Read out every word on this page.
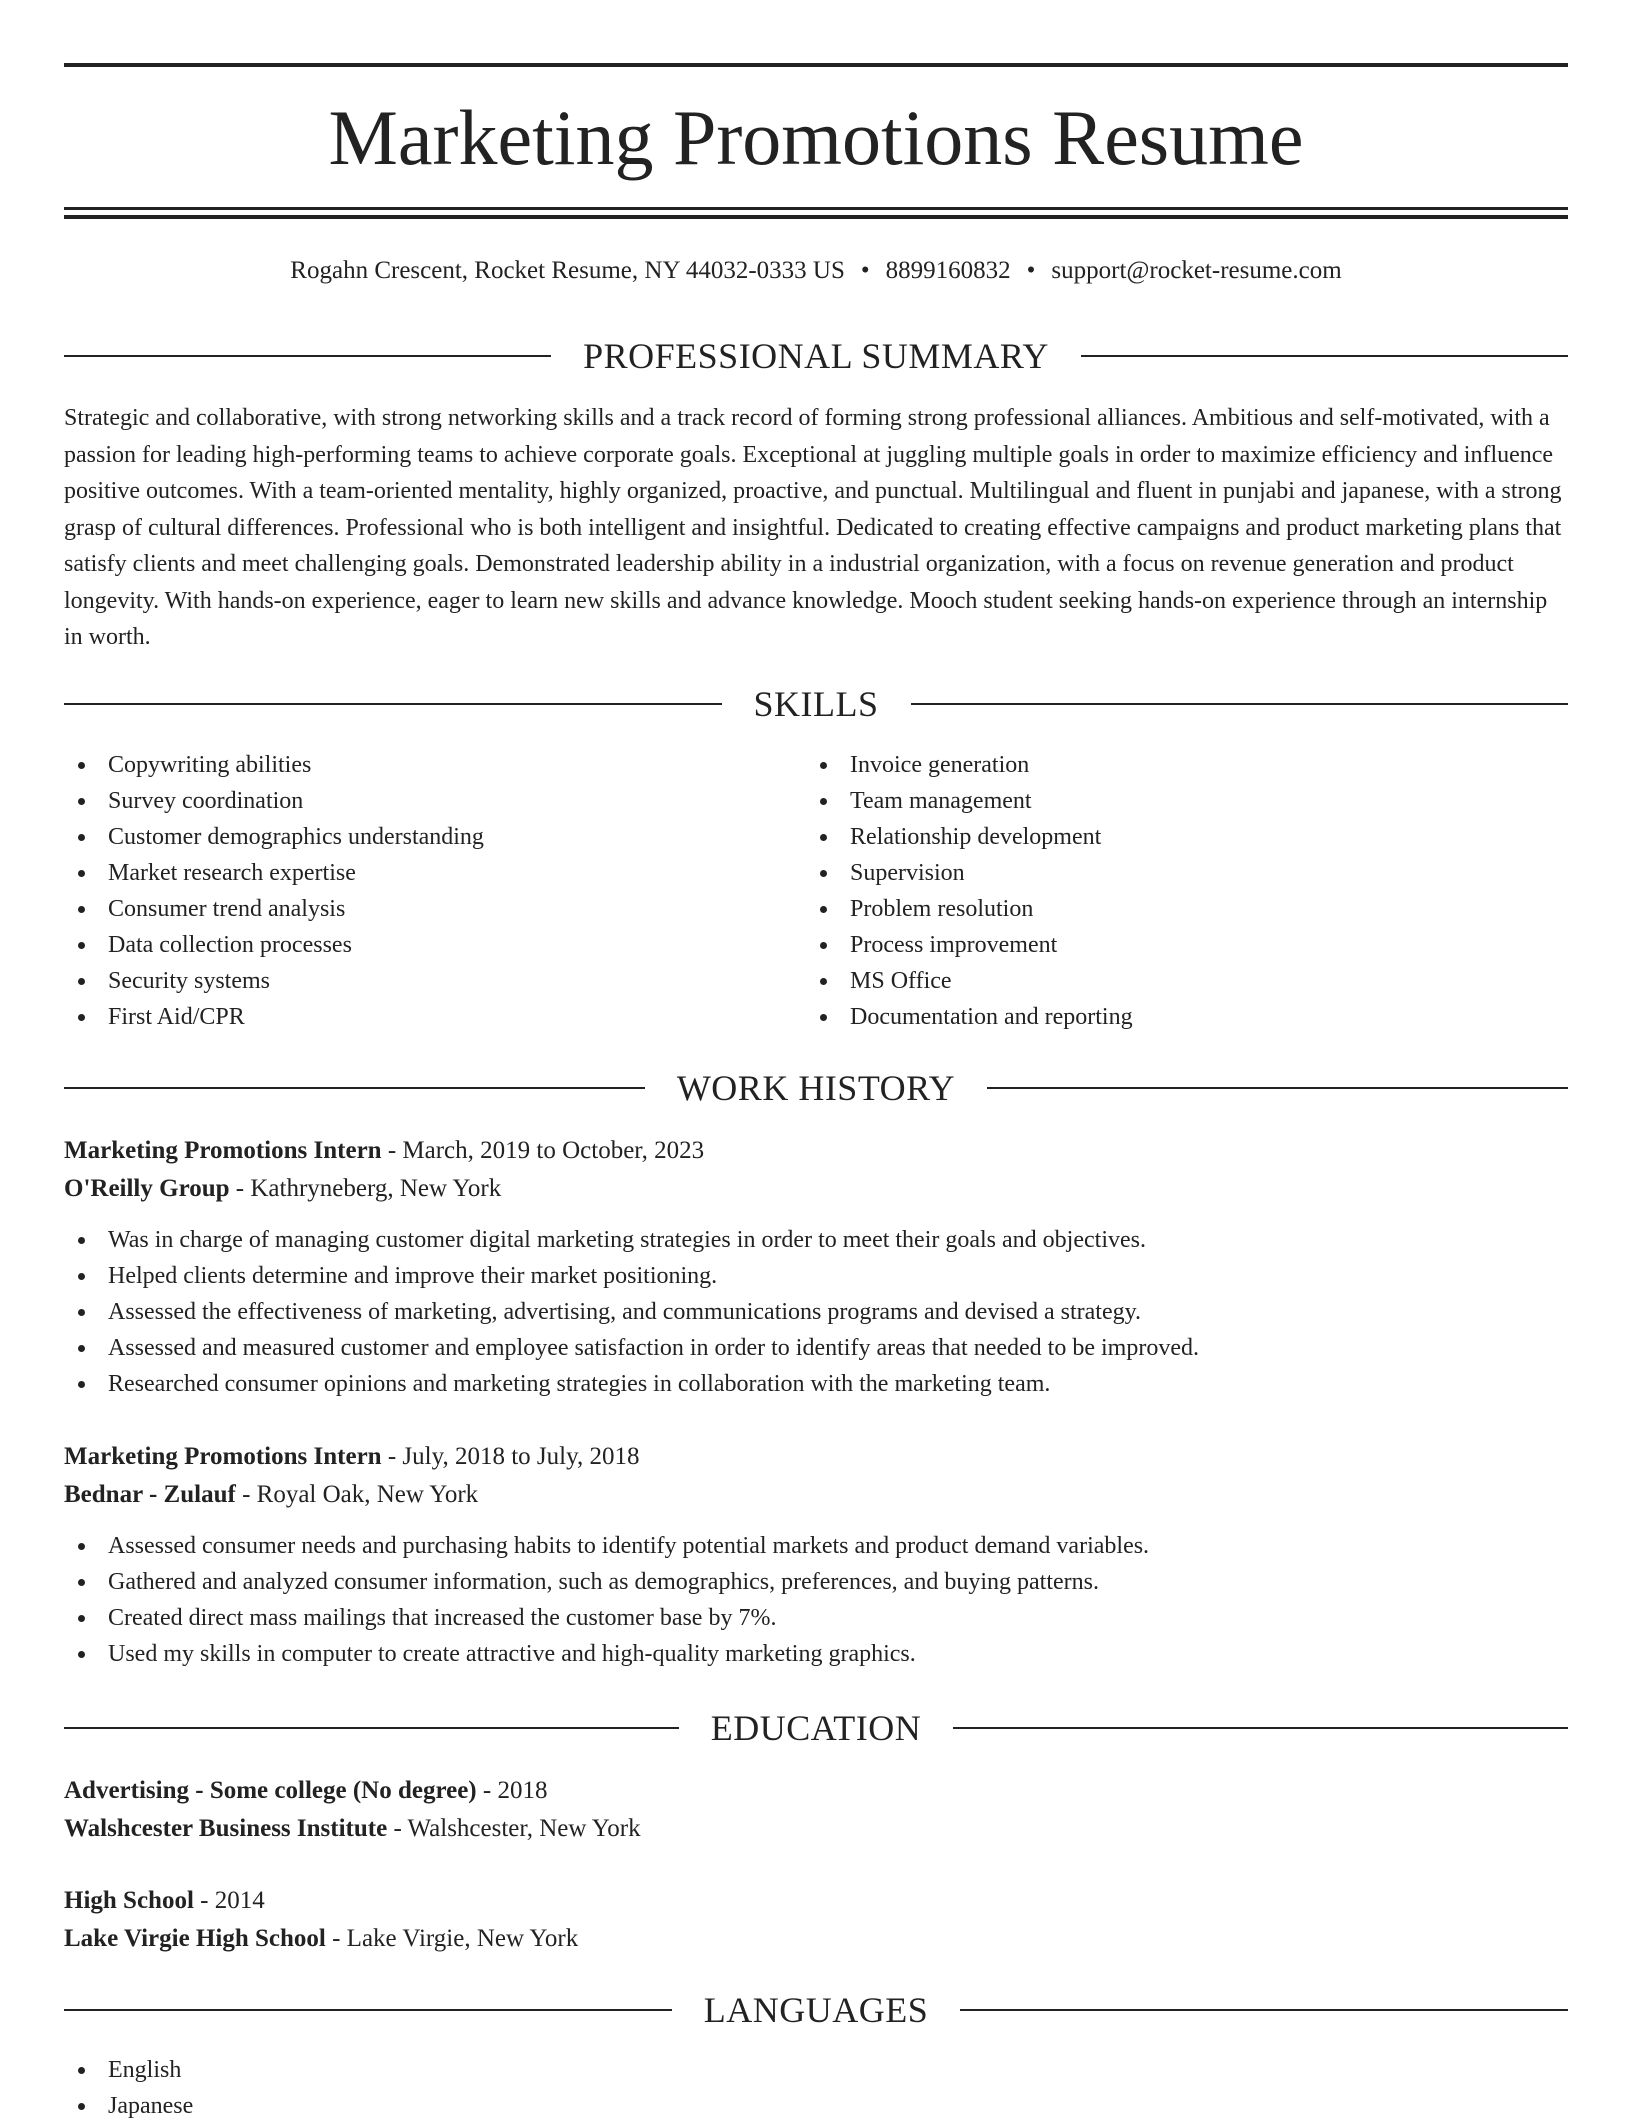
Marketing Promotions Resume
Rogahn Crescent, Rocket Resume, NY 44032-0333 US • 8899160832 • support@rocket-resume.com
PROFESSIONAL SUMMARY

Strategic and collaborative, with strong networking skills and a track record of forming strong professional alliances. Ambitious and self-motivated, with a passion for leading high-performing teams to achieve corporate goals. Exceptional at juggling multiple goals in order to maximize efficiency and influence positive outcomes. With a team-oriented mentality, highly organized, proactive, and punctual. Multilingual and fluent in punjabi and japanese, with a strong grasp of cultural differences. Professional who is both intelligent and insightful. Dedicated to creating effective campaigns and product marketing plans that satisfy clients and meet challenging goals. Demonstrated leadership ability in a industrial organization, with a focus on revenue generation and product longevity. With hands-on experience, eager to learn new skills and advance knowledge. Mooch student seeking hands-on experience through an internship in worth.

SKILLS
Copywriting abilities
Survey coordination
Customer demographics understanding
Market research expertise
Consumer trend analysis
Data collection processes
Security systems
First Aid/CPR
Invoice generation
Team management
Relationship development
Supervision
Problem resolution
Process improvement
MS Office
Documentation and reporting
WORK HISTORY
Marketing Promotions Intern - March, 2019 to October, 2023
O'Reilly Group - Kathryneberg, New York
Was in charge of managing customer digital marketing strategies in order to meet their goals and objectives.
Helped clients determine and improve their market positioning.
Assessed the effectiveness of marketing, advertising, and communications programs and devised a strategy.
Assessed and measured customer and employee satisfaction in order to identify areas that needed to be improved.
Researched consumer opinions and marketing strategies in collaboration with the marketing team.
Marketing Promotions Intern - July, 2018 to July, 2018
Bednar - Zulauf - Royal Oak, New York
Assessed consumer needs and purchasing habits to identify potential markets and product demand variables.
Gathered and analyzed consumer information, such as demographics, preferences, and buying patterns.
Created direct mass mailings that increased the customer base by 7%.
Used my skills in computer to create attractive and high-quality marketing graphics.
EDUCATION
Advertising - Some college (No degree) - 2018
Walshcester Business Institute - Walshcester, New York
High School - 2014
Lake Virgie High School - Lake Virgie, New York
LANGUAGES
English
Japanese
